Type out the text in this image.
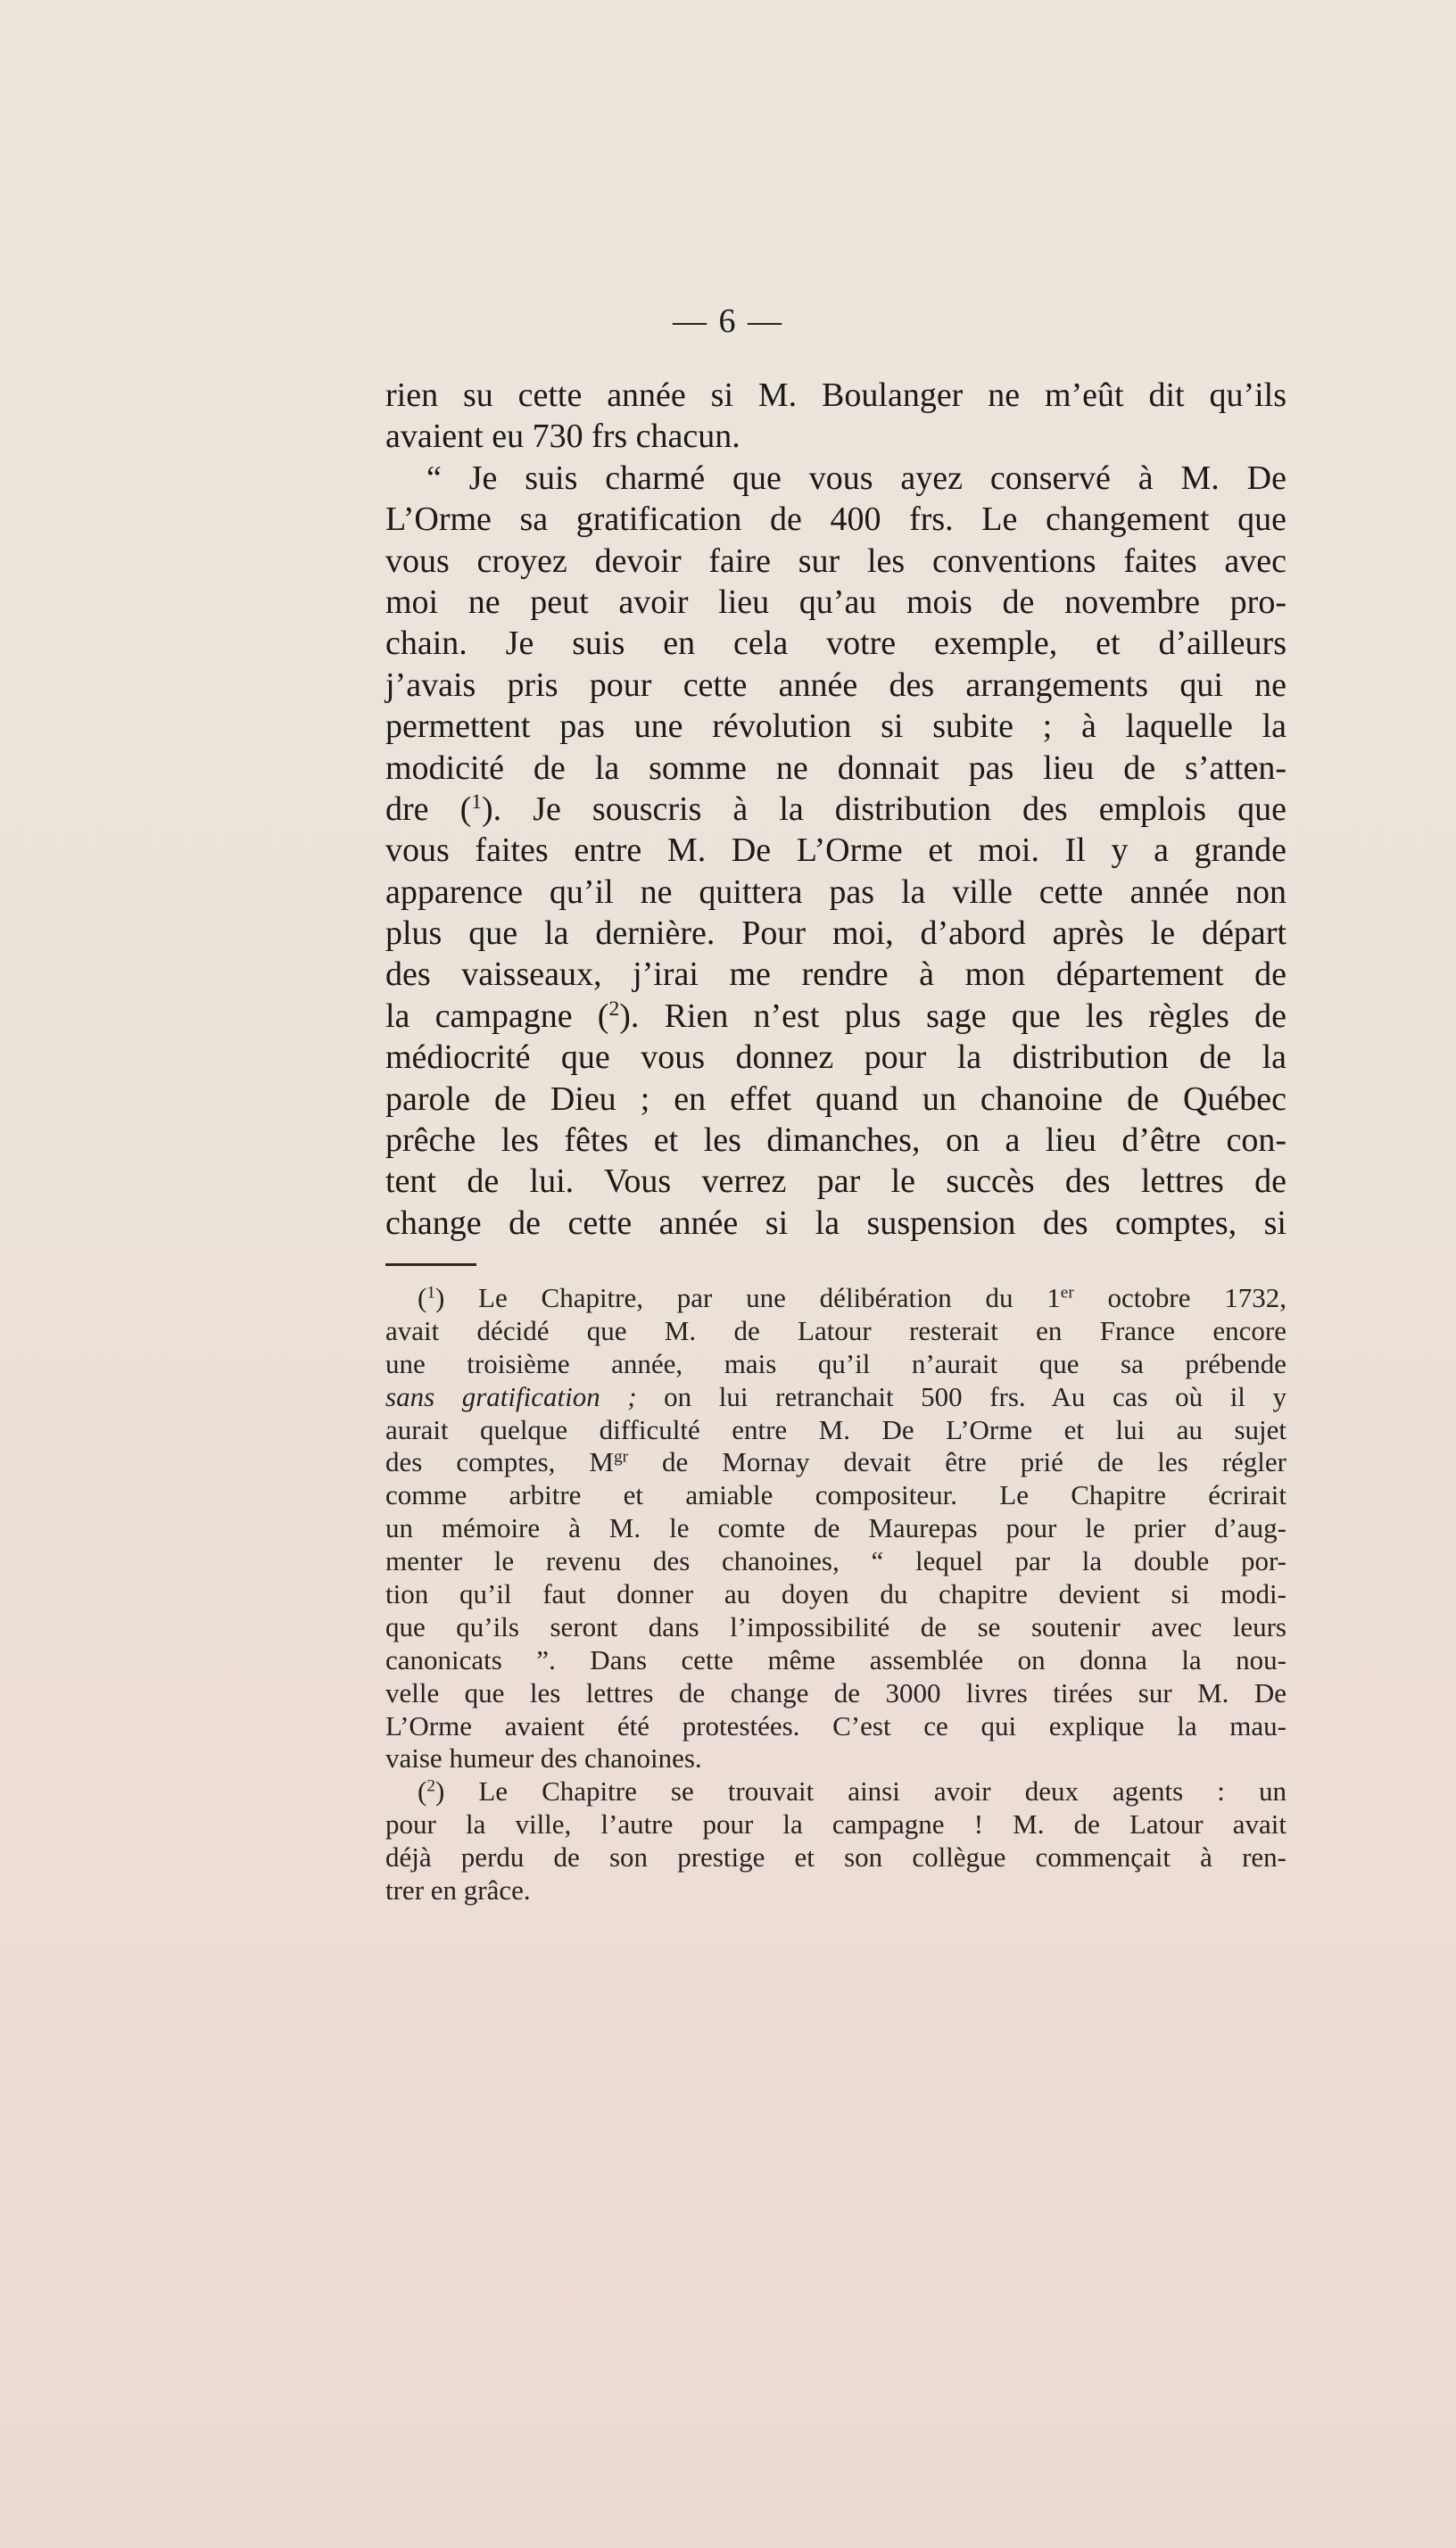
— 6 —
rien su cette année si M. Boulanger ne m’eût dit qu’ils
avaient eu 730 frs chacun.
“ Je suis charmé que vous ayez conservé à M. De
L’Orme sa gratification de 400 frs. Le changement que
vous croyez devoir faire sur les conventions faites avec
moi ne peut avoir lieu qu’au mois de novembre pro-
chain. Je suis en cela votre exemple, et d’ailleurs
j’avais pris pour cette année des arrangements qui ne
permettent pas une révolution si subite ; à laquelle la
modicité de la somme ne donnait pas lieu de s’atten-
dre ($^1$). Je souscris à la distribution des emplois que
vous faites entre M. De L’Orme et moi. Il y a grande
apparence qu’il ne quittera pas la ville cette année non
plus que la dernière. Pour moi, d’abord après le départ
des vaisseaux, j’irai me rendre à mon département de
la campagne ($^2$). Rien n’est plus sage que les règles de
médiocrité que vous donnez pour la distribution de la
parole de Dieu ; en effet quand un chanoine de Québec
prêche les fêtes et les dimanches, on a lieu d’être con-
tent de lui. Vous verrez par le succès des lettres de
change de cette année si la suspension des comptes, si
($^1$) Le Chapitre, par une délibération du 1er octobre 1732,
avait décidé que M. de Latour resterait en France encore
une troisième année, mais qu’il n’aurait que sa prébende
sans gratification ; on lui retranchait 500 frs. Au cas où il y
aurait quelque difficulté entre M. De L’Orme et lui au sujet
des comptes, $M^{gr}$ de Mornay devait être prié de les régler
comme arbitre et amiable compositeur. Le Chapitre écrirait
un mémoire à M. le comte de Maurepas pour le prier d’aug-
menter le revenu des chanoines, “ lequel par la double por-
tion qu’il faut donner au doyen du chapitre devient si modi-
que qu’ils seront dans l’impossibilité de se soutenir avec leurs
canonicats ”. Dans cette même assemblée on donna la nou-
velle que les lettres de change de 3000 livres tirées sur M. De
L’Orme avaient été protestées. C’est ce qui explique la mau-
vaise humeur des chanoines.
($^2$) Le Chapitre se trouvait ainsi avoir deux agents : un
pour la ville, l’autre pour la campagne ! M. de Latour avait
déjà perdu de son prestige et son collègue commençait à ren-
trer en grâce.
